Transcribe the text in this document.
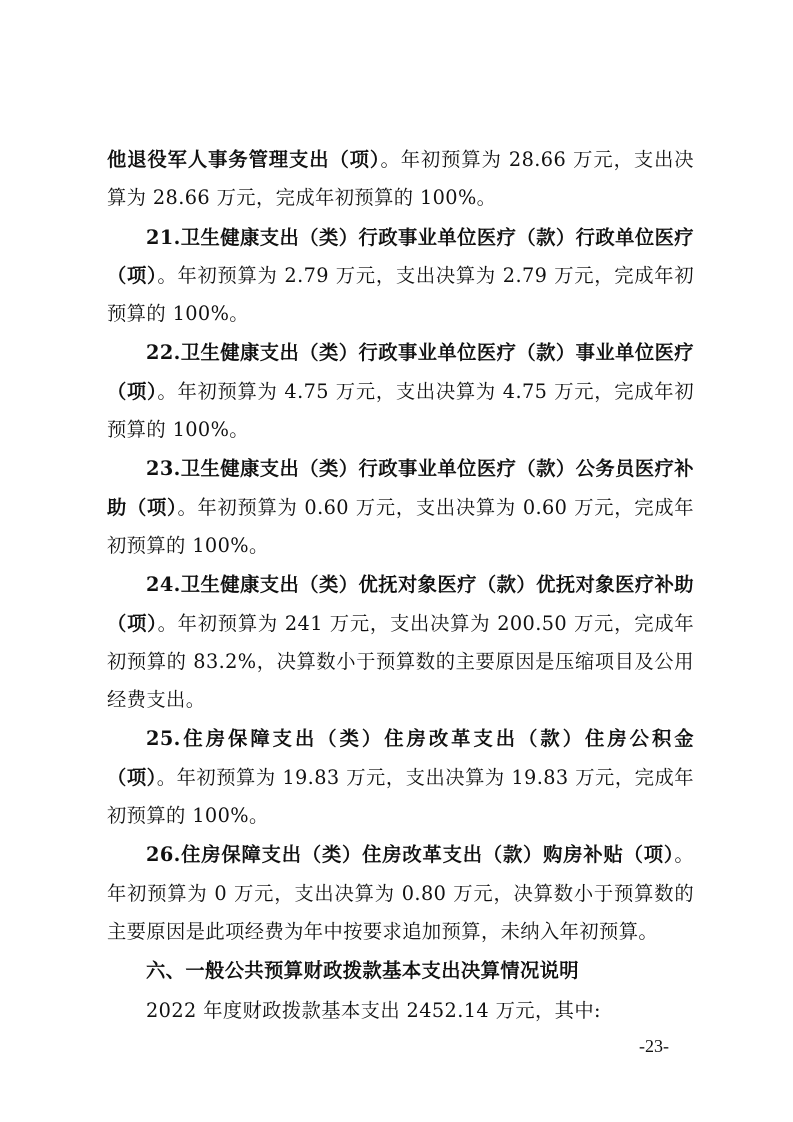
他退役军人事务管理支出（项）。年初预算为 28.66 万元，支出决算为 28.66 万元，完成年初预算的 100%。

21.卫生健康支出（类）行政事业单位医疗（款）行政单位医疗（项）。年初预算为 2.79 万元，支出决算为 2.79 万元，完成年初预算的 100%。

22.卫生健康支出（类）行政事业单位医疗（款）事业单位医疗（项）。年初预算为 4.75 万元，支出决算为 4.75 万元，完成年初预算的 100%。

23.卫生健康支出（类）行政事业单位医疗（款）公务员医疗补助（项）。年初预算为 0.60 万元，支出决算为 0.60 万元，完成年初预算的 100%。

24.卫生健康支出（类）优抚对象医疗（款）优抚对象医疗补助（项）。年初预算为 241 万元，支出决算为 200.50 万元，完成年初预算的 83.2%，决算数小于预算数的主要原因是压缩项目及公用经费支出。

25.住房保障支出（类）住房改革支出（款）住房公积金（项）。年初预算为 19.83 万元，支出决算为 19.83 万元，完成年初预算的 100%。

26.住房保障支出（类）住房改革支出（款）购房补贴（项）。年初预算为 0 万元，支出决算为 0.80 万元，决算数小于预算数的主要原因是此项经费为年中按要求追加预算，未纳入年初预算。

六、一般公共预算财政拨款基本支出决算情况说明

2022 年度财政拨款基本支出 2452.14 万元，其中:

-23-
